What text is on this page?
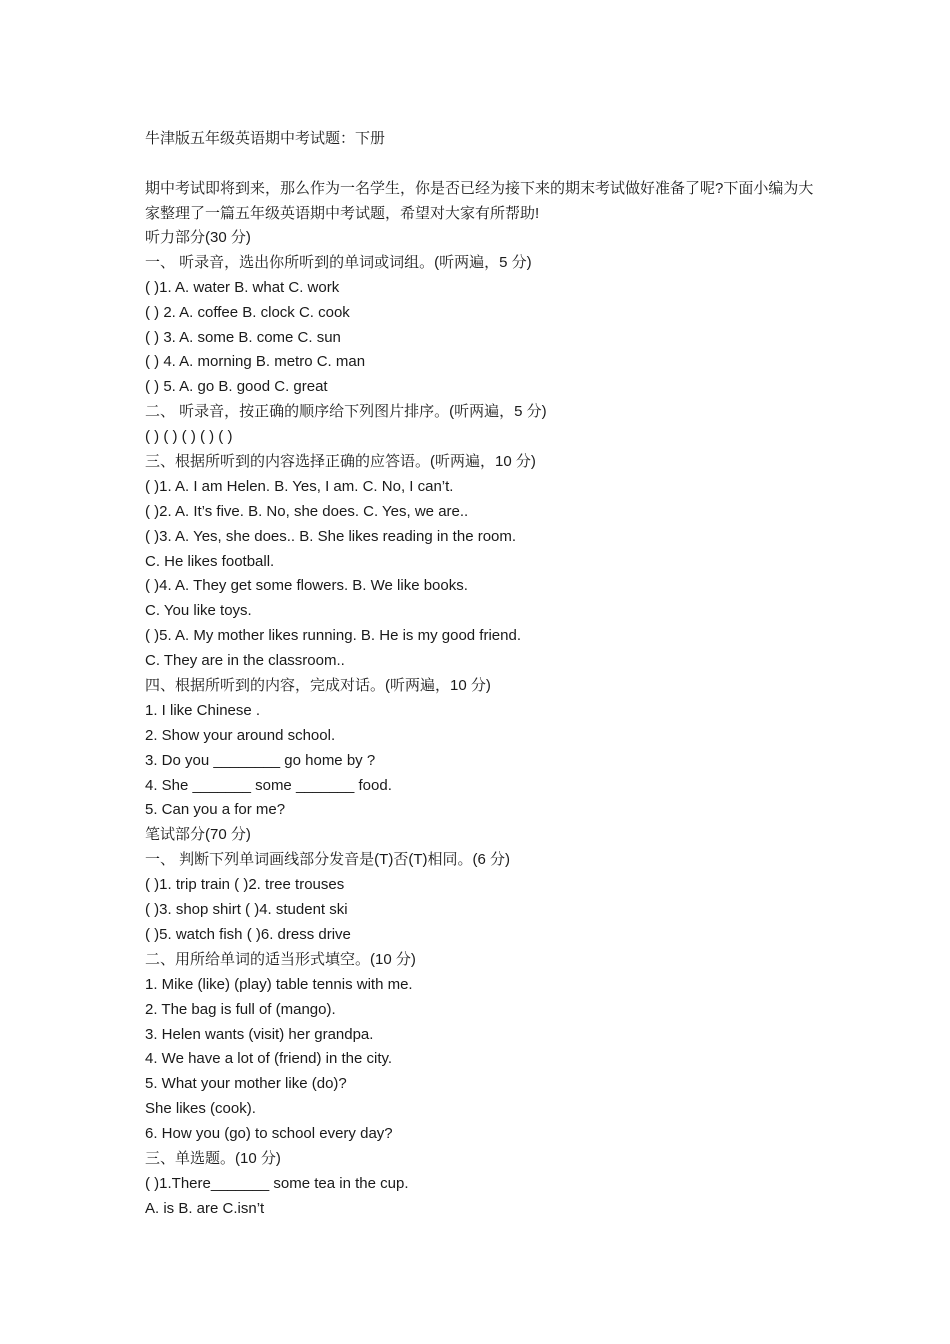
牛津版五年级英语期中考试题：下册
期中考试即将到来，那么作为一名学生，你是否已经为接下来的期末考试做好准备了呢?下面小编为大家整理了一篇五年级英语期中考试题，希望对大家有所帮助!
听力部分(30 分)
一、 听录音，选出你所听到的单词或词组。(听两遍，5 分)
( )1. A. water B. what C. work
( ) 2. A. coffee B. clock C. cook
( ) 3. A. some B. come C. sun
( ) 4. A. morning B. metro C. man
( ) 5. A. go B. good C. great
二、 听录音，按正确的顺序给下列图片排序。(听两遍，5 分)
( ) ( ) ( ) ( ) ( )
三、根据所听到的内容选择正确的应答语。(听两遍，10 分)
( )1. A. I am Helen. B. Yes, I am. C. No, I can’t.
( )2. A. It’s five. B. No, she does. C. Yes, we are..
( )3. A. Yes, she does.. B. She likes reading in the room.
C. He likes football.
( )4. A. They get some flowers. B. We like books.
C. You like toys.
( )5. A. My mother likes running. B. He is my good friend.
C. They are in the classroom..
四、根据所听到的内容，完成对话。(听两遍，10 分)
1. I like Chinese .
2. Show your around school.
3. Do you ________ go home by ?
4. She _______ some _______ food.
5. Can you a for me?
笔试部分(70 分)
一、 判断下列单词画线部分发音是(T)否(T)相同。(6 分)
( )1. trip train ( )2. tree trouses
( )3. shop shirt ( )4. student ski
( )5. watch fish ( )6. dress drive
二、用所给单词的适当形式填空。(10 分)
1. Mike (like) (play) table tennis with me.
2. The bag is full of (mango).
3. Helen wants (visit) her grandpa.
4. We have a lot of (friend) in the city.
5. What your mother like (do)?
She likes (cook).
6. How you (go) to school every day?
三、单选题。(10 分)
( )1.There_______ some tea in the cup.
A. is B. are C.isn’t
